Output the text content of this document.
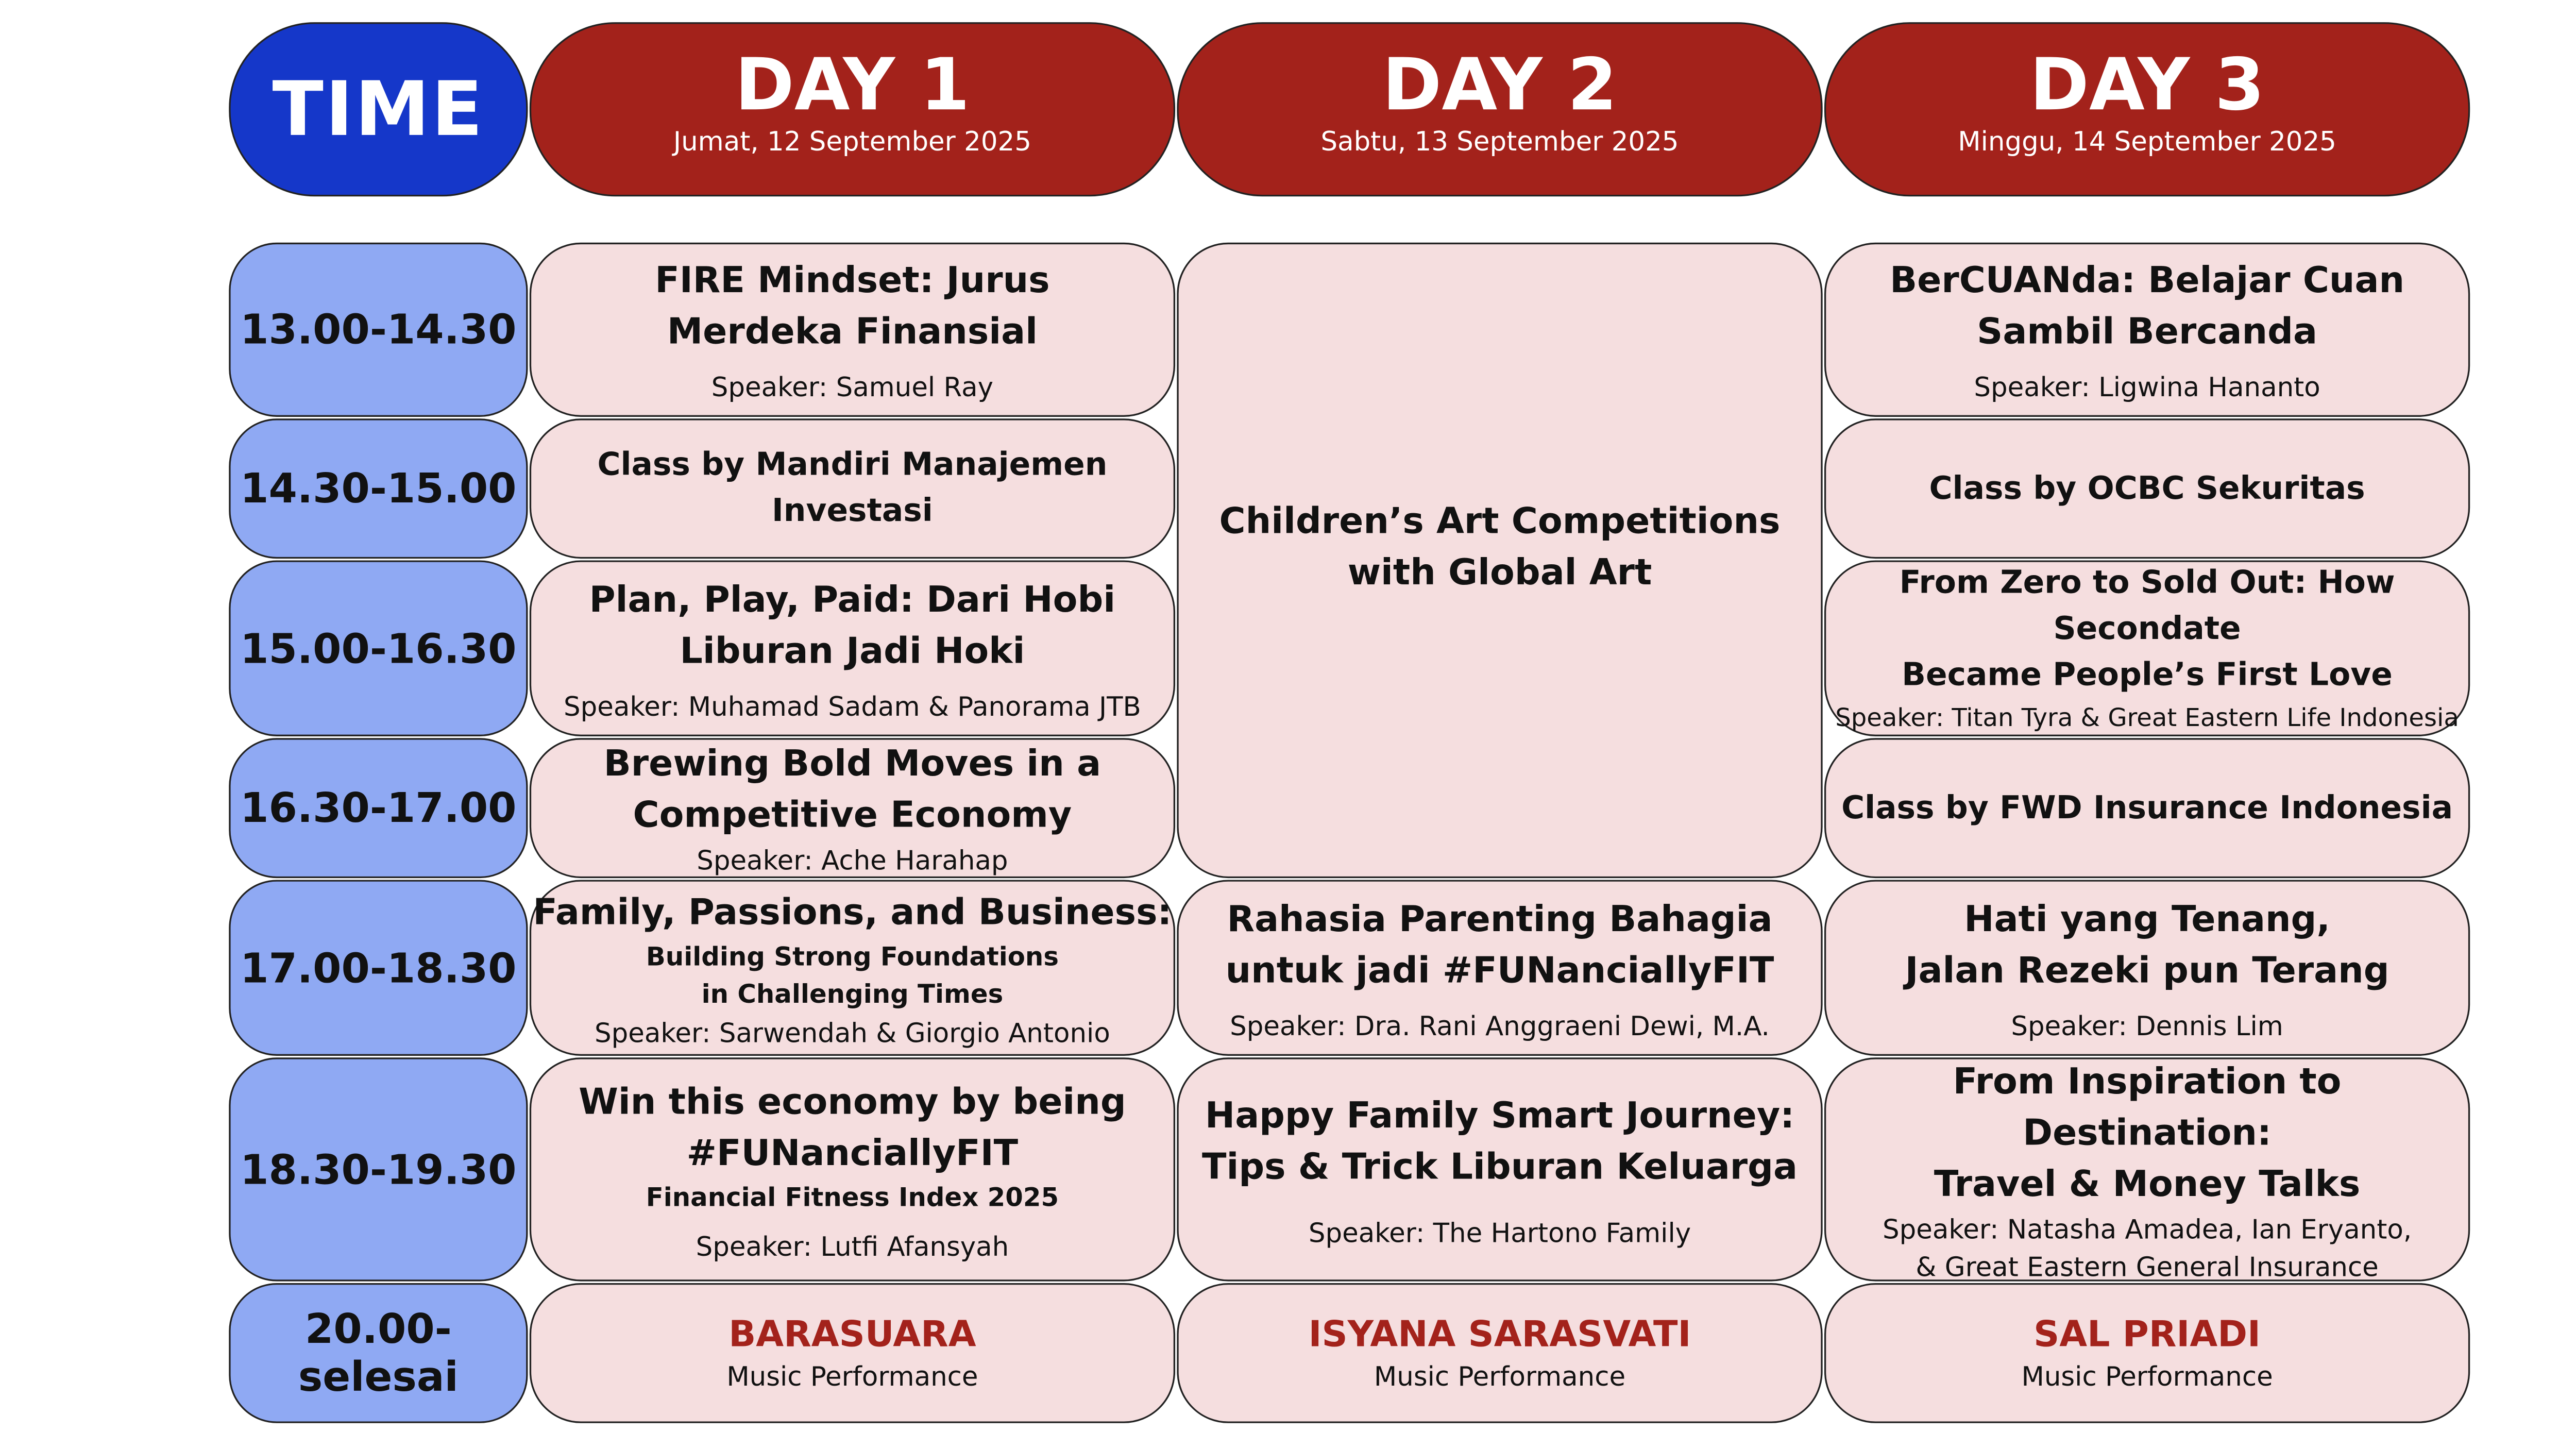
TIME	DAY 1
Jumat, 12 September 2025
DAY 2
Sabtu, 13 September 2025
DAY 3
Minggu, 14 September 2025
13.00-14.30
14.30-15.00
15.00-16.30
16.30-17.00
17.00-18.30
18.30-19.30
20.00-selesai
FIRE Mindset: Jurus
Merdeka Finansial
Speaker: Samuel Ray
Class by Mandiri Manajemen Investasi
Plan, Play, Paid: Dari Hobi
Liburan Jadi Hoki
Speaker: Muhamad Sadam & Panorama JTB
Brewing Bold Moves in a
Competitive Economy
Speaker: Ache Harahap
Family, Passions, and Business:
Building Strong Foundations
in Challenging Times
Speaker: Sarwendah & Giorgio Antonio
Win this economy by being
#FUNanciallyFIT
Financial Fitness Index 2025
Speaker: Lutfi Afansyah
BARASUARA
Music Performance
Children’s Art Competitions
with Global Art
Rahasia Parenting Bahagia
untuk jadi #FUNanciallyFIT
Speaker: Dra. Rani Anggraeni Dewi, M.A.
Happy Family Smart Journey:
Tips & Trick Liburan Keluarga
Speaker: The Hartono Family
ISYANA SARASVATI
Music Performance
BerCUANda: Belajar Cuan
Sambil Bercanda
Speaker: Ligwina Hananto
Class by OCBC Sekuritas
From Zero to Sold Out: How Secondate
Became People’s First Love
Speaker: Titan Tyra & Great Eastern Life Indonesia
Class by FWD Insurance Indonesia
Hati yang Tenang,
Jalan Rezeki pun Terang
Speaker: Dennis Lim
From Inspiration to Destination:
Travel & Money Talks
Speaker: Natasha Amadea, Ian Eryanto,
& Great Eastern General Insurance
SAL PRIADI
Music Performance
